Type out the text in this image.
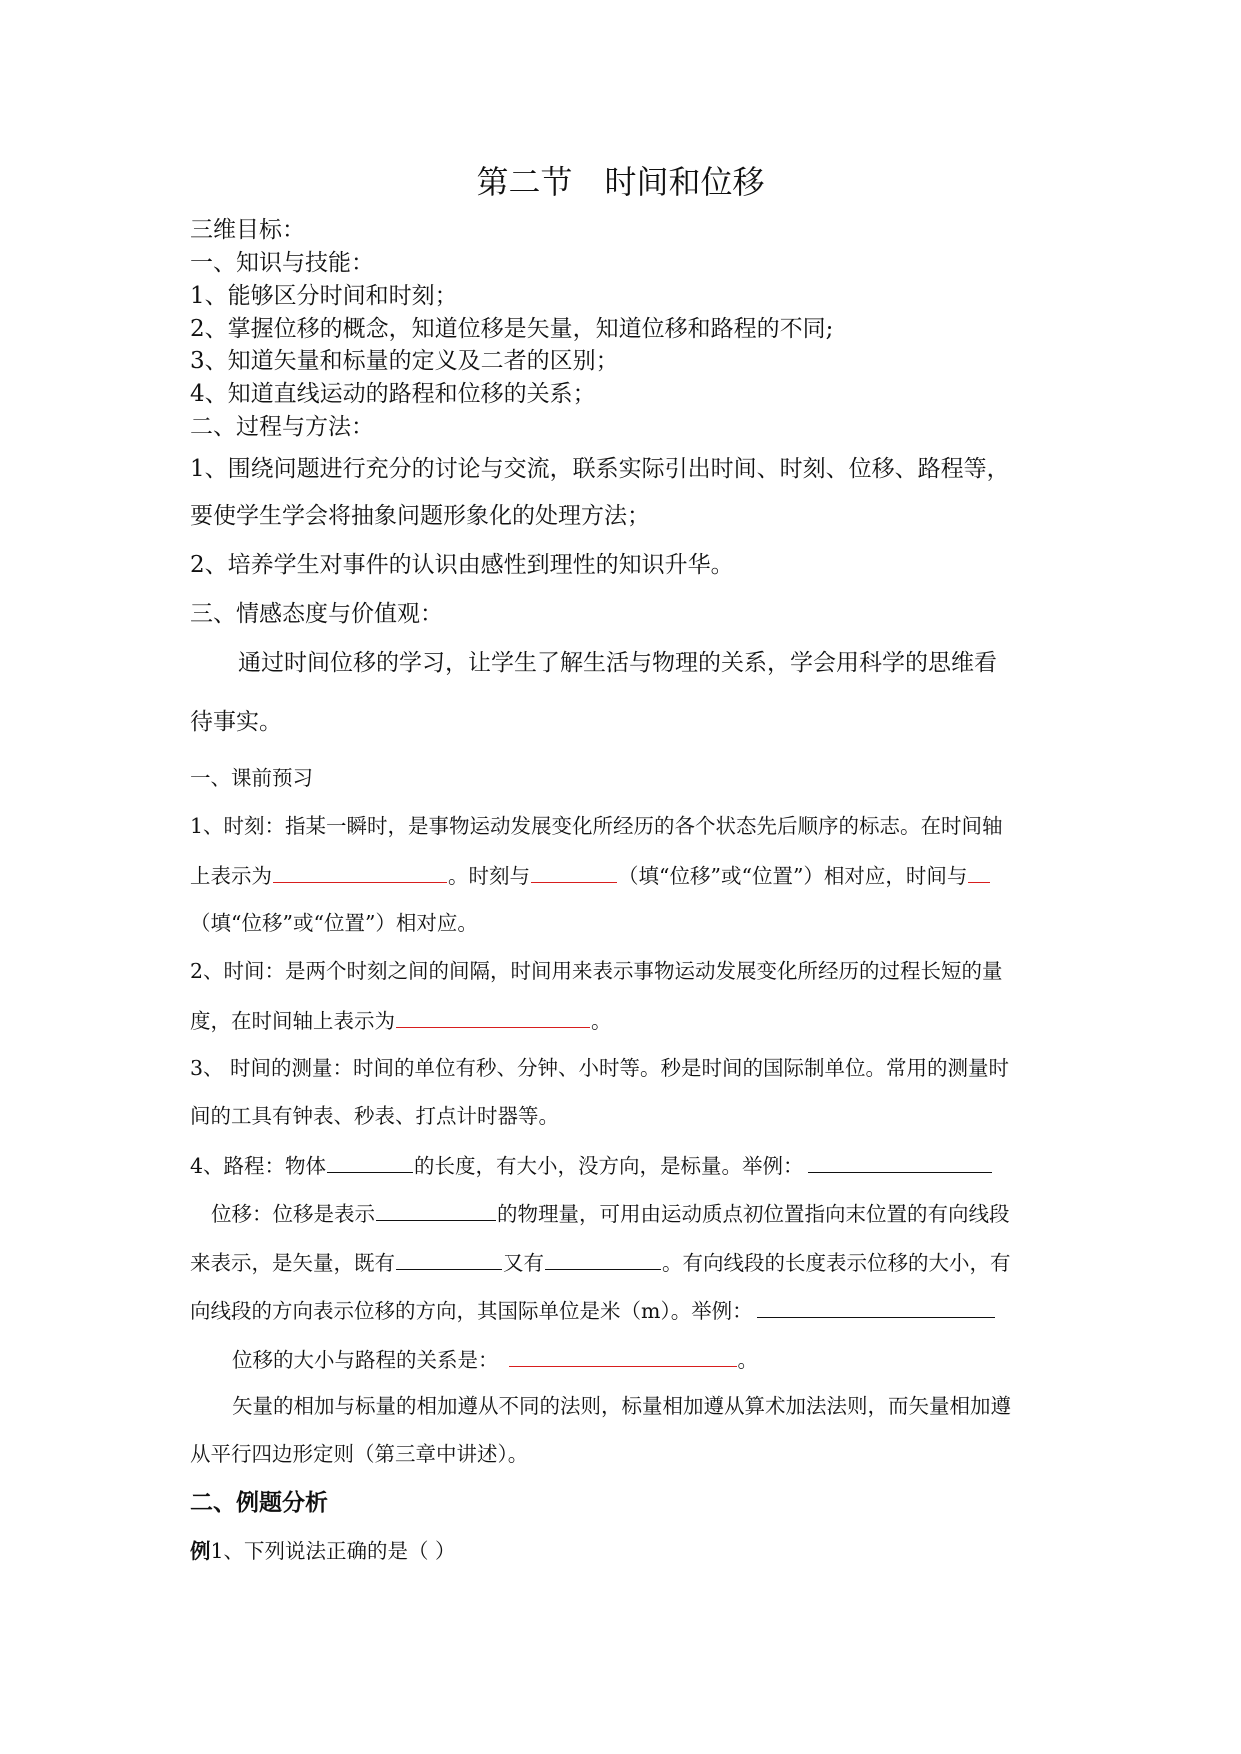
第二节　时间和位移
三维目标：
一、知识与技能：
1、能够区分时间和时刻；
2、掌握位移的概念，知道位移是矢量，知道位移和路程的不同;
3、知道矢量和标量的定义及二者的区别；
4、知道直线运动的路程和位移的关系；
二、过程与方法：
1、围绕问题进行充分的讨论与交流，联系实际引出时间、时刻、位移、路程等，
要使学生学会将抽象问题形象化的处理方法；
2、培养学生对事件的认识由感性到理性的知识升华。
三、情感态度与价值观：
通过时间位移的学习，让学生了解生活与物理的关系，学会用科学的思维看
待事实。
一、课前预习
1、时刻：指某一瞬时，是事物运动发展变化所经历的各个状态先后顺序的标志。在时间轴
上表示为	。时刻与	（填“位移”或“位置”）相对应，时间与
（填“位移”或“位置”）相对应。
2、时间：是两个时刻之间的间隔，时间用来表示事物运动发展变化所经历的过程长短的量
度，在时间轴上表示为	。
3、 时间的测量：时间的单位有秒、分钟、小时等。秒是时间的国际制单位。常用的测量时
间的工具有钟表、秒表、打点计时器等。
4、路程：物体	的长度，有大小，没方向，是标量。举例：
位移：位移是表示	的物理量，可用由运动质点初位置指向末位置的有向线段
来表示，是矢量，既有	又有	。有向线段的长度表示位移的大小，有
向线段的方向表示位移的方向，其国际单位是米（m）。举例：
位移的大小与路程的关系是：	。
矢量的相加与标量的相加遵从不同的法则，标量相加遵从算术加法法则，而矢量相加遵
从平行四边形定则（第三章中讲述）。
二、例题分析
例1、下列说法正确的是（ ）
